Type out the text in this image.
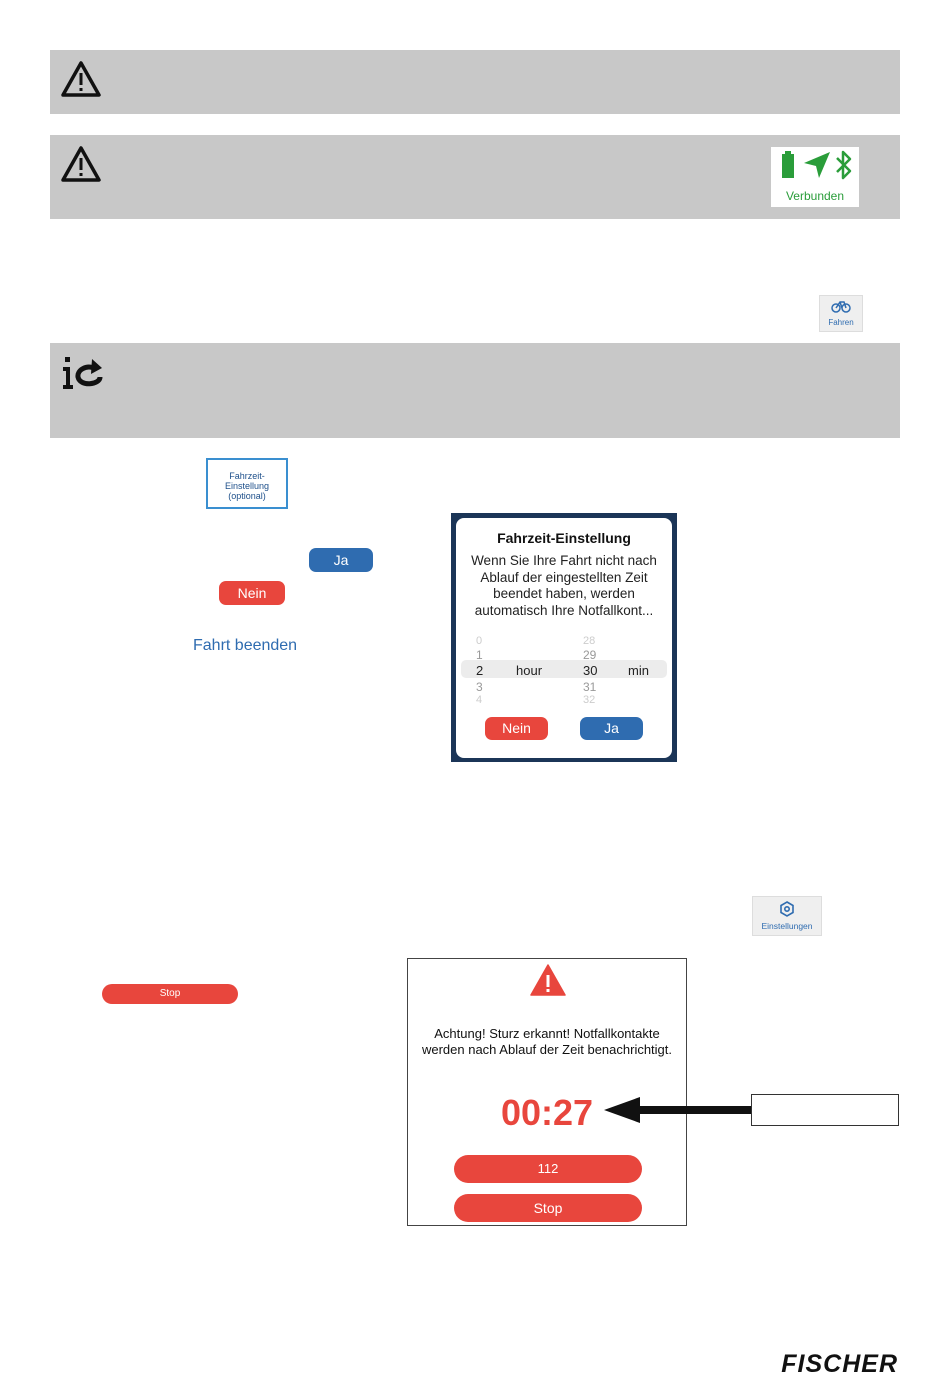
Verbunden
Fahren
Fahrzeit-
Einstellung
(optional)
Ja
Nein
Fahrt beenden
Fahrzeit-Einstellung
Wenn Sie Ihre Fahrt nicht nach
Ablauf der eingestellten Zeit
beendet haben, werden
automatisch Ihre Notfallkont...
0	28
1	29
2	hour	30 min
3	31
4	32
Nein	Ja
Einstellungen
Stop
Achtung! Sturz erkannt! Notfallkontakte
werden nach Ablauf der Zeit benachrichtigt.
00:27
112
Stop
FISCHER
